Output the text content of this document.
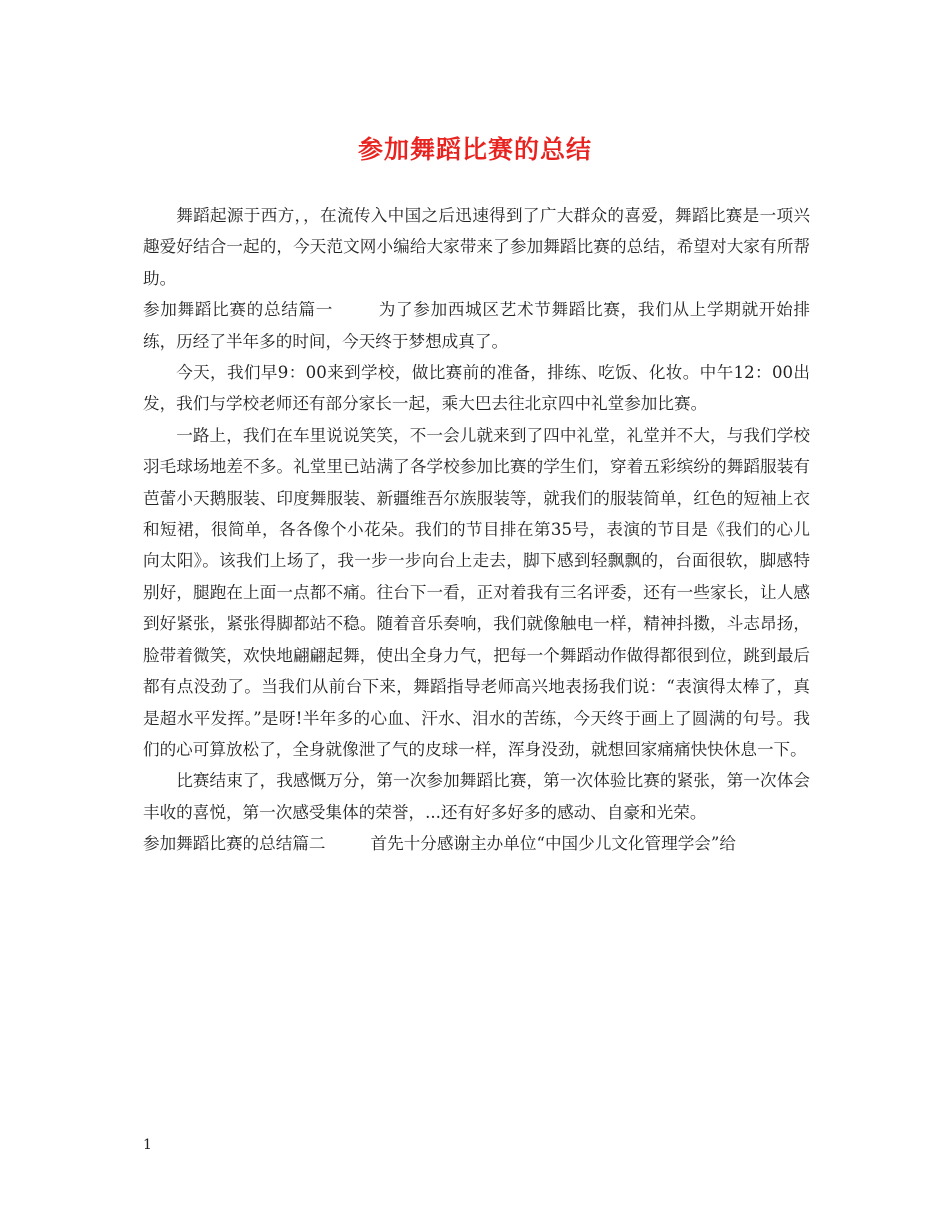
参加舞蹈比赛的总结

舞蹈起源于西方，，在流传入中国之后迅速得到了广大群众的喜爱，舞蹈比赛是一项兴趣爱好结合一起的，今天范文网小编给大家带来了参加舞蹈比赛的总结，希望对大家有所帮助。

参加舞蹈比赛的总结篇一	为了参加西城区艺术节舞蹈比赛，我们从上学期就开始排练，历经了半年多的时间，今天终于梦想成真了。

今天，我们早9：00来到学校，做比赛前的准备，排练、吃饭、化妆。中午12：00出发，我们与学校老师还有部分家长一起，乘大巴去往北京四中礼堂参加比赛。

一路上，我们在车里说说笑笑，不一会儿就来到了四中礼堂，礼堂并不大，与我们学校羽毛球场地差不多。礼堂里已站满了各学校参加比赛的学生们，穿着五彩缤纷的舞蹈服装有芭蕾小天鹅服装、印度舞服装、新疆维吾尔族服装等，就我们的服装简单，红色的短袖上衣和短裙，很简单，各各像个小花朵。我们的节目排在第35号，表演的节目是《我们的心儿向太阳》。该我们上场了，我一步一步向台上走去，脚下感到轻飘飘的，台面很软，脚感特别好，腿跑在上面一点都不痛。往台下一看，正对着我有三名评委，还有一些家长，让人感到好紧张，紧张得脚都站不稳。随着音乐奏响，我们就像触电一样，精神抖擞，斗志昂扬，脸带着微笑，欢快地翩翩起舞，使出全身力气，把每一个舞蹈动作做得都很到位，跳到最后都有点没劲了。当我们从前台下来，舞蹈指导老师高兴地表扬我们说：“表演得太棒了，真是超水平发挥。”是呀!半年多的心血、汗水、泪水的苦练，今天终于画上了圆满的句号。我们的心可算放松了，全身就像泄了气的皮球一样，浑身没劲，就想回家痛痛快快休息一下。

比赛结束了，我感慨万分，第一次参加舞蹈比赛，第一次体验比赛的紧张，第一次体会丰收的喜悦，第一次感受集体的荣誉，...还有好多好多的感动、自豪和光荣。

参加舞蹈比赛的总结篇二	首先十分感谢主办单位“中国少儿文化管理学会”给

1
